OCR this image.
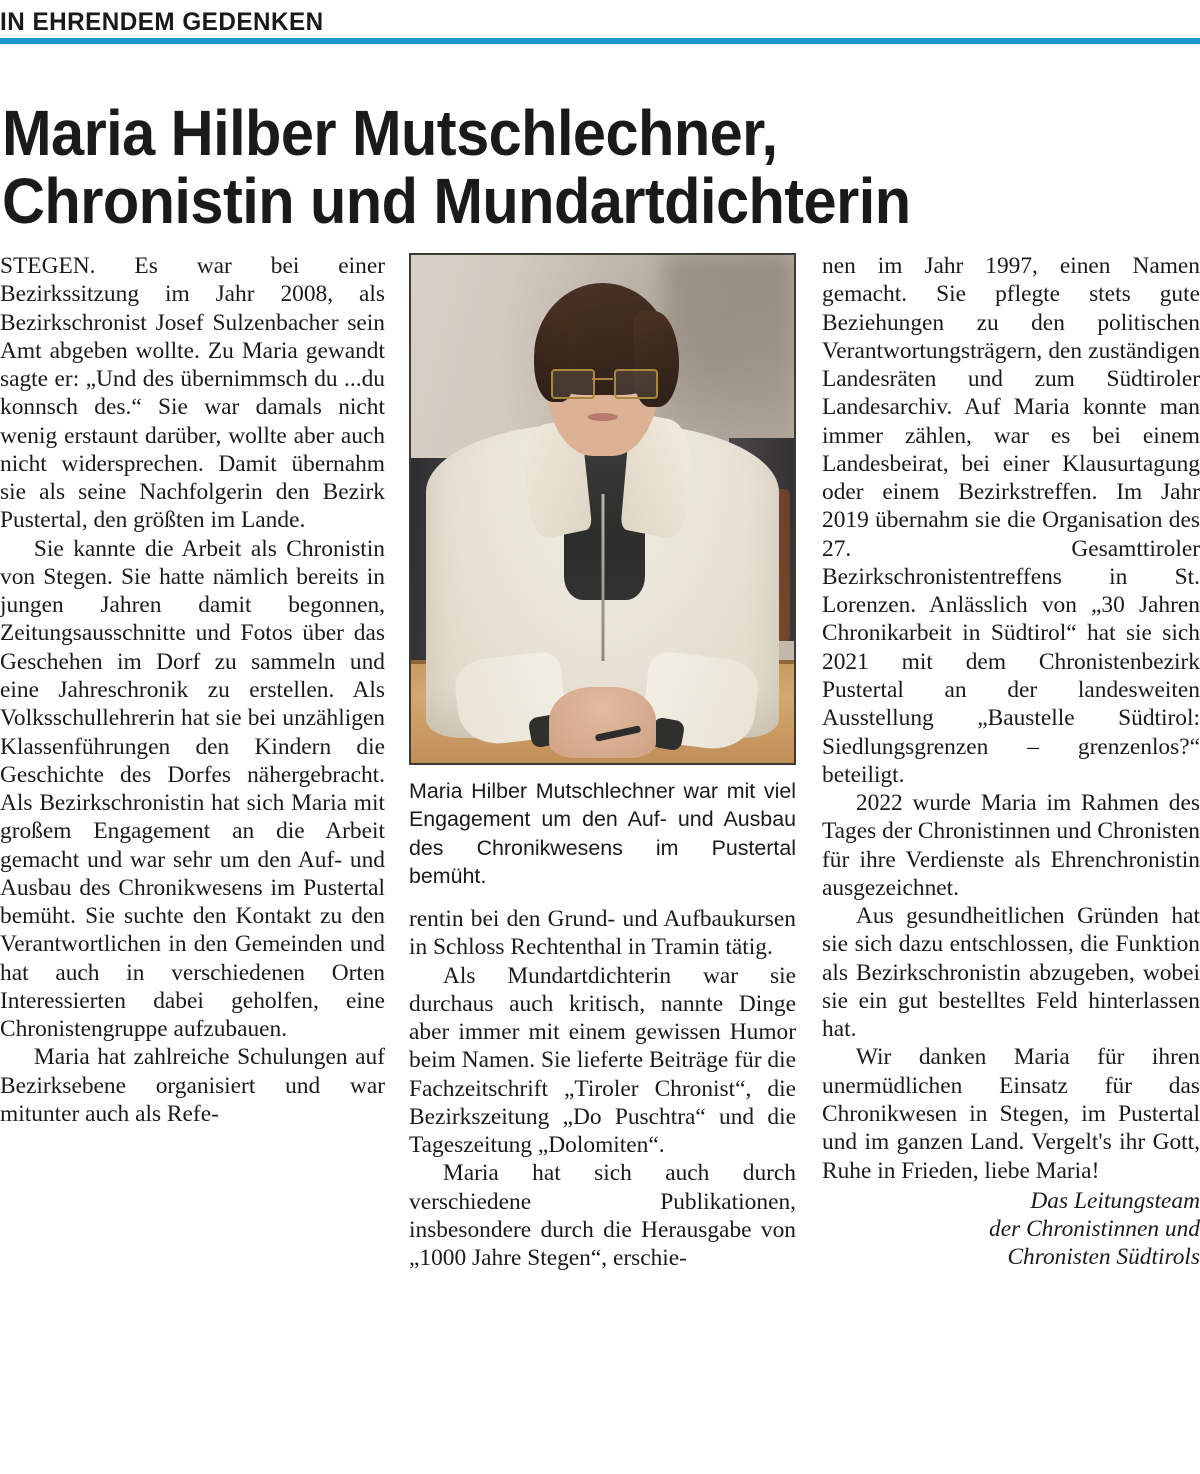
IN EHRENDEM GEDENKEN
Maria Hilber Mutschlechner,
Chronistin und Mundartdichterin

STEGEN. Es war bei einer Bezirkssitzung im Jahr 2008, als Bezirkschronist Josef Sulzenbacher sein Amt abgeben wollte. Zu Maria gewandt sagte er: „Und des übernimmsch du ...du konnsch des.“ Sie war damals nicht wenig erstaunt darüber, wollte aber auch nicht widersprechen. Damit übernahm sie als seine Nachfolgerin den Bezirk Pustertal, den größten im Lande.

Sie kannte die Arbeit als Chronistin von Stegen. Sie hatte nämlich bereits in jungen Jahren damit begonnen, Zeitungsausschnitte und Fotos über das Geschehen im Dorf zu sammeln und eine Jahreschronik zu erstellen. Als Volksschullehrerin hat sie bei unzähligen Klassenführungen den Kindern die Geschichte des Dorfes nähergebracht. Als Bezirkschronistin hat sich Maria mit großem Engagement an die Arbeit gemacht und war sehr um den Auf- und Ausbau des Chronikwesens im Pustertal bemüht. Sie suchte den Kontakt zu den Verantwortlichen in den Gemeinden und hat auch in verschiedenen Orten Interessierten dabei geholfen, eine Chronistengruppe aufzubauen.

Maria hat zahlreiche Schulungen auf Bezirksebene organisiert und war mitunter auch als Refe-

nen im Jahr 1997, einen Namen gemacht. Sie pflegte stets gute Beziehungen zu den politischen Verantwortungsträgern, den zuständigen Landesräten und zum Südtiroler Landesarchiv. Auf Maria konnte man immer zählen, war es bei einem Landesbeirat, bei einer Klausurtagung oder einem Bezirkstreffen. Im Jahr 2019 übernahm sie die Organisation des 27. Gesamttiroler Bezirkschronistentreffens in St. Lorenzen. Anlässlich von „30 Jahren Chronikarbeit in Südtirol“ hat sie sich 2021 mit dem Chronistenbezirk Pustertal an der landesweiten Ausstellung „Baustelle Südtirol: Siedlungsgrenzen – grenzenlos?“ beteiligt.

2022 wurde Maria im Rahmen des Tages der Chronistinnen und Chronisten für ihre Verdienste als Ehrenchronistin ausgezeichnet.

Aus gesundheitlichen Gründen hat sie sich dazu entschlossen, die Funktion als Bezirkschronistin abzugeben, wobei sie ein gut bestelltes Feld hinterlassen hat.

Wir danken Maria für ihren unermüdlichen Einsatz für das Chronikwesen in Stegen, im Pustertal und im ganzen Land. Vergelt's ihr Gott, Ruhe in Frieden, liebe Maria!

Das Leitungsteam
der Chronistinnen und
Chronisten Südtirols
Maria Hilber Mutschlechner war mit viel Engagement um den Auf- und Ausbau des Chronikwesens im Pustertal bemüht.

rentin bei den Grund- und Aufbaukursen in Schloss Rechtenthal in Tramin tätig.

Als Mundartdichterin war sie durchaus auch kritisch, nannte Dinge aber immer mit einem gewissen Humor beim Namen. Sie lieferte Beiträge für die Fachzeitschrift „Tiroler Chronist“, die Bezirkszeitung „Do Puschtra“ und die Tageszeitung „Dolomiten“.

Maria hat sich auch durch verschiedene Publikationen, insbesondere durch die Herausgabe von „1000 Jahre Stegen“, erschie-
